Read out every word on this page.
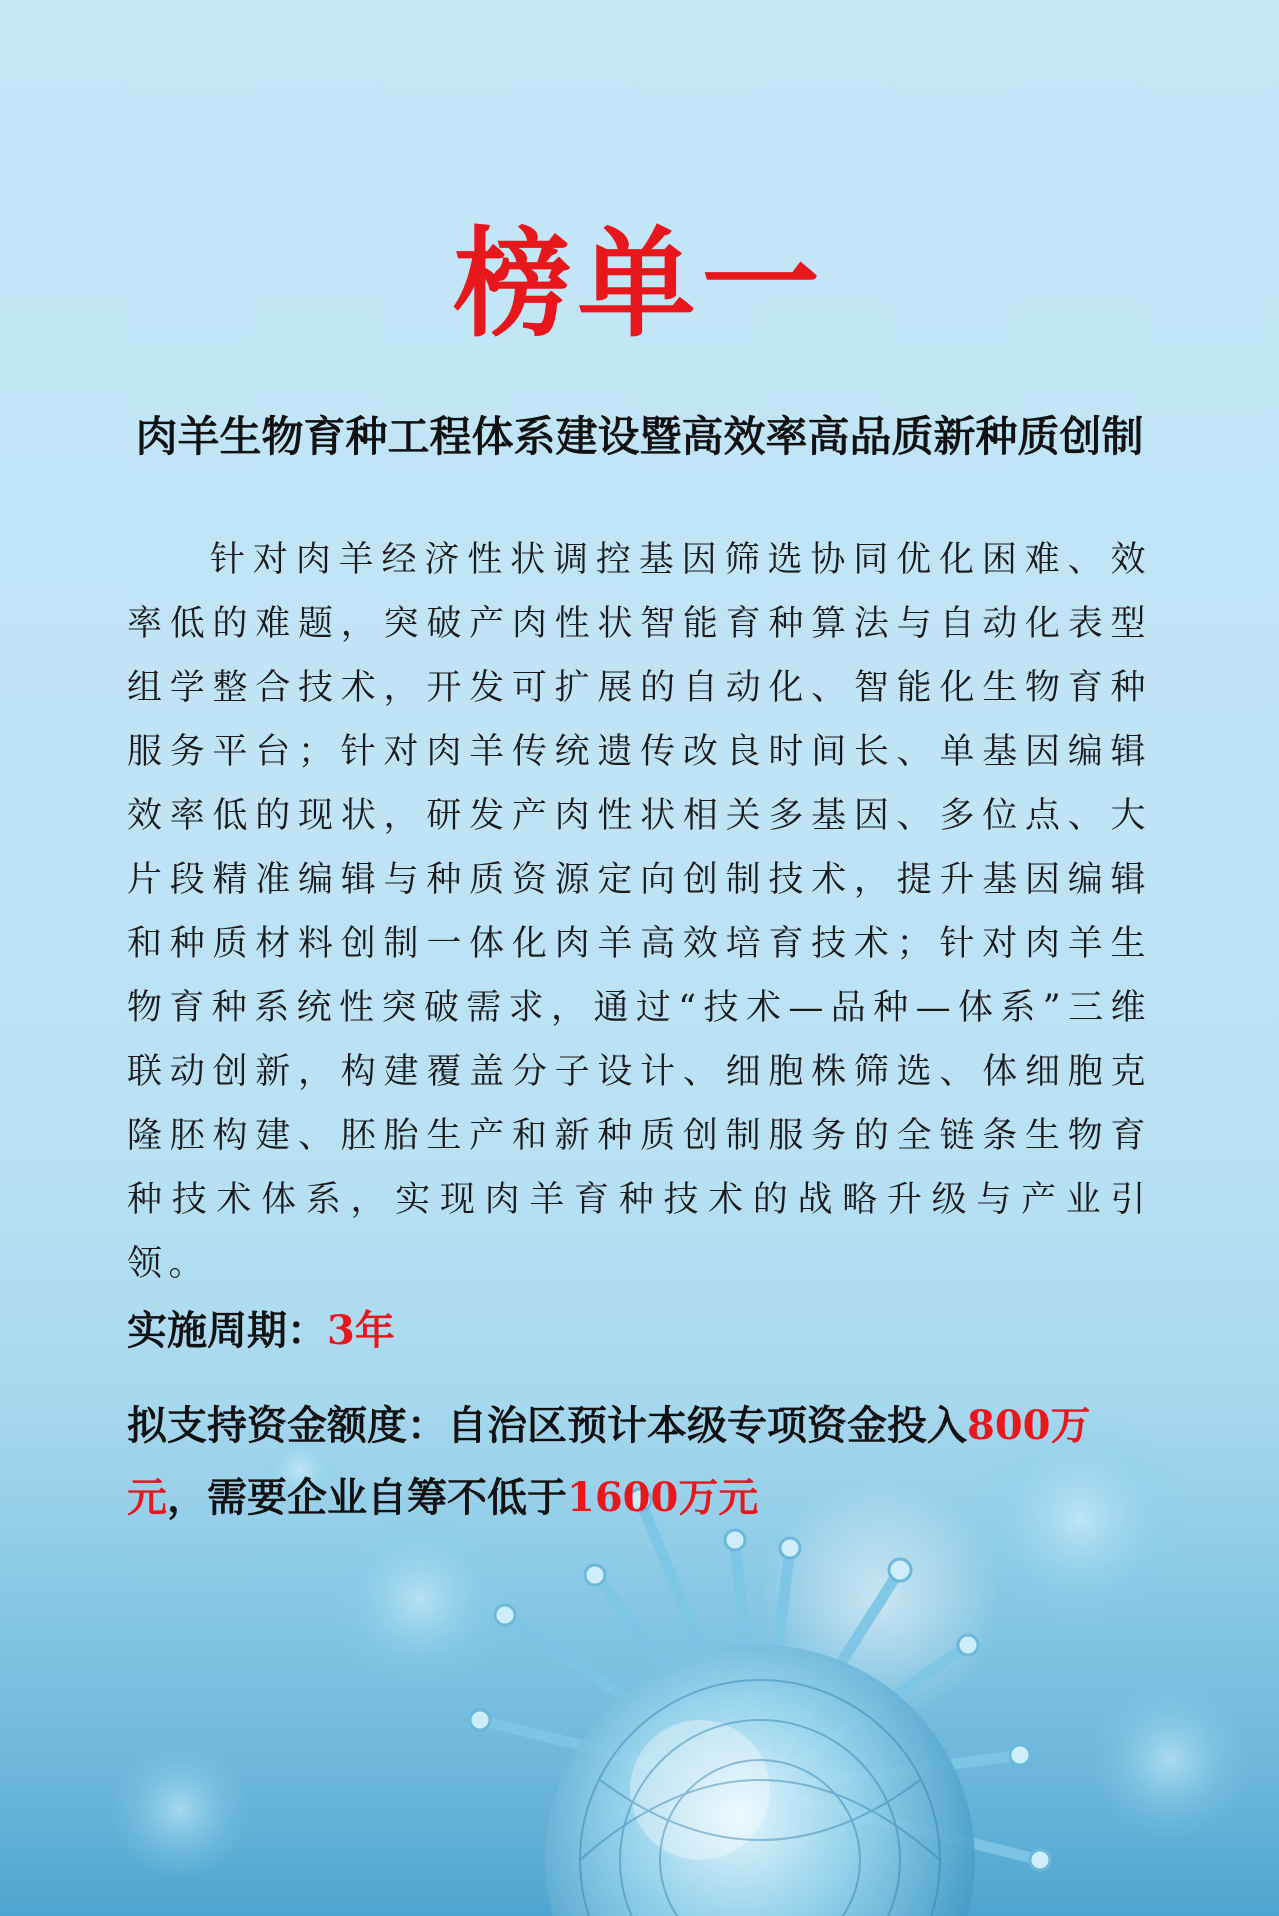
榜单一
肉羊生物育种工程体系建设暨高效率高品质新种质创制

针对肉羊经济性状调控基因筛选协同优化困难、效率低的难题，突破产肉性状智能育种算法与自动化表型组学整合技术，开发可扩展的自动化、智能化生物育种服务平台；针对肉羊传统遗传改良时间长、单基因编辑效率低的现状，研发产肉性状相关多基因、多位点、大片段精准编辑与种质资源定向创制技术，提升基因编辑和种质材料创制一体化肉羊高效培育技术；针对肉羊生物育种系统性突破需求，通过“技术—品种—体系”三维联动创新，构建覆盖分子设计、细胞株筛选、体细胞克隆胚构建、胚胎生产和新种质创制服务的全链条生物育种技术体系，实现肉羊育种技术的战略升级与产业引领。

实施周期：3年

拟支持资金额度：自治区预计本级专项资金投入800万元，需要企业自筹不低于1600万元
